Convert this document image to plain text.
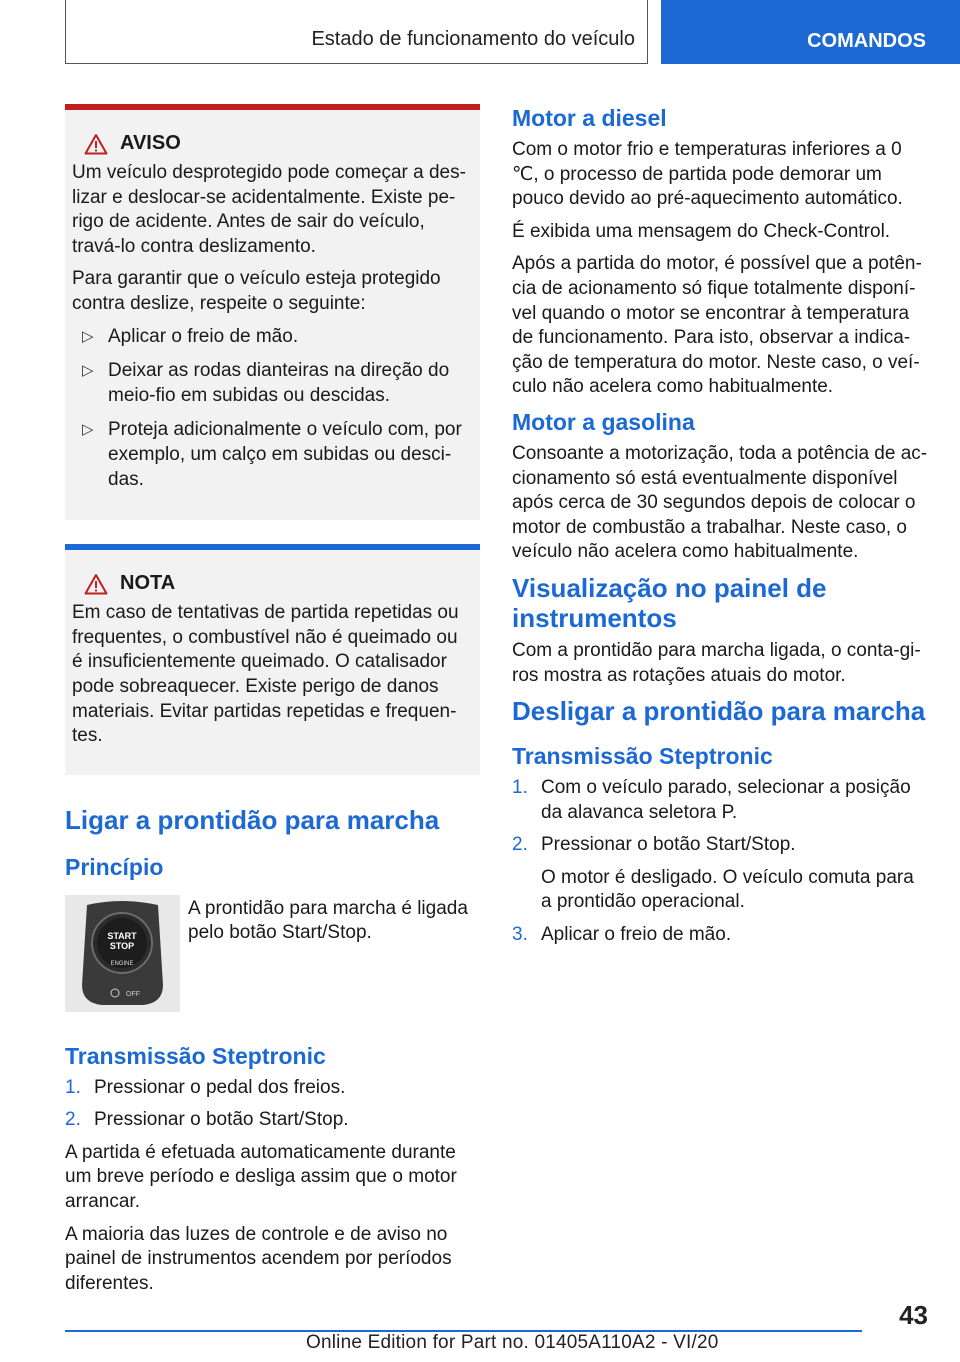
Estado de funcionamento do veículo	COMANDOS
AVISO

Um veículo desprotegido pode começar a des-lizar e deslocar-se acidentalmente. Existe pe-rigo de acidente. Antes de sair do veículo, travá-lo contra deslizamento.

Para garantir que o veículo esteja protegido contra deslize, respeite o seguinte:

▷ Aplicar o freio de mão.
▷ Deixar as rodas dianteiras na direção do meio-fio em subidas ou descidas.
▷ Proteja adicionalmente o veículo com, por exemplo, um calço em subidas ou desci-das.
NOTA

Em caso de tentativas de partida repetidas ou frequentes, o combustível não é queimado ou é insuficientemente queimado. O catalisador pode sobreaquecer. Existe perigo de danos materiais. Evitar partidas repetidas e frequen-tes.

Ligar a prontidão para marcha
Princípio
START
STOP
ENGINE
OFF
A prontidão para marcha é ligada pelo botão Start/Stop.
Transmissão Steptronic
1. Pressionar o pedal dos freios.
2. Pressionar o botão Start/Stop.

A partida é efetuada automaticamente durante um breve período e desliga assim que o motor arrancar.

A maioria das luzes de controle e de aviso no painel de instrumentos acendem por períodos diferentes.

Motor a diesel

Com o motor frio e temperaturas inferiores a 0 ℃, o processo de partida pode demorar um pouco devido ao pré-aquecimento automático.

É exibida uma mensagem do Check-Control.

Após a partida do motor, é possível que a potên-cia de acionamento só fique totalmente disponí-vel quando o motor se encontrar à temperatura de funcionamento. Para isto, observar a indica-ção de temperatura do motor. Neste caso, o veí-culo não acelera como habitualmente.

Motor a gasolina

Consoante a motorização, toda a potência de ac-cionamento só está eventualmente disponível após cerca de 30 segundos depois de colocar o motor de combustão a trabalhar. Neste caso, o veículo não acelera como habitualmente.

Visualização no painel de instrumentos

Com a prontidão para marcha ligada, o conta-gi-ros mostra as rotações atuais do motor.

Desligar a prontidão para marcha
Transmissão Steptronic
1. Com o veículo parado, selecionar a posição da alavanca seletora P.
2. Pressionar o botão Start/Stop.
O motor é desligado. O veículo comuta para a prontidão operacional.
3. Aplicar o freio de mão.
43
Online Edition for Part no. 01405A110A2 - VI/20
